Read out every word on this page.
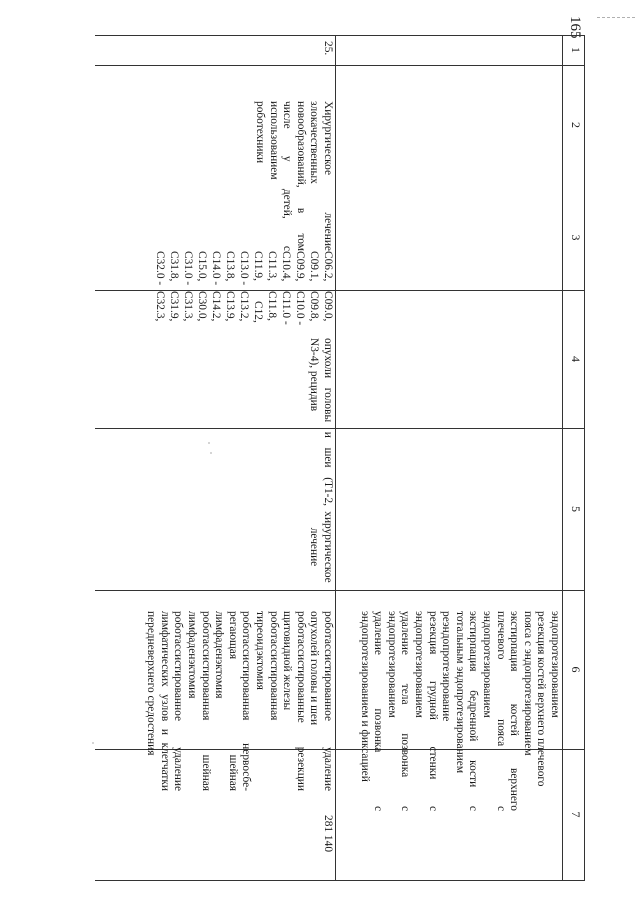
165
1
2
3
4
5
6
7
эндопротезированием
резекция костей верхнего плечевого
пояса с эндопротезированием
экстирпация костей верхнего
плечевого пояса с
эндопротезированием
экстирпация бедренной кости с
тотальным эндопротезированием
реэндопротезирование
резекция грудной стенки с
эндопротезированием
удаление тела позвонка с
эндопротезированием
удаление позвонка с
эндопротезированием и фиксацией
25.
Хирургическое лечение
злокачественных
новообразований, в том
числе у детей, с
использованием
роботехники
C06.2,
C09.0,
C09.1,
C09.8,
C09.9,
C10.0 -
C10.4,
C11.0 -
C11.3,
C11.8,
C11.9,
C12,
C13.0 -
C13.2,
C13.8,
C13.9,
C14.0 -
C14.2,
C15.0,
C30.0,
C31.0 -
C31.3,
C31.8,
C31.9,
C32.0 -
C32.3,
опухоли головы и шеи (T1-2,
N3-4), рецидив
хирургическое
лечение
роботассистированное удаление
опухолей головы и шеи
роботассистированные резекции
щитовидной железы
роботассистированная
тиреоидэктомия
роботассистированная нервосбе-
регающая шейная
лимфаденэктомия
роботассистированная шейная
лимфаденэктомия
роботассистированное удаление
лимфатических узлов и клетчатки
передневерхнего средостения
281 140
